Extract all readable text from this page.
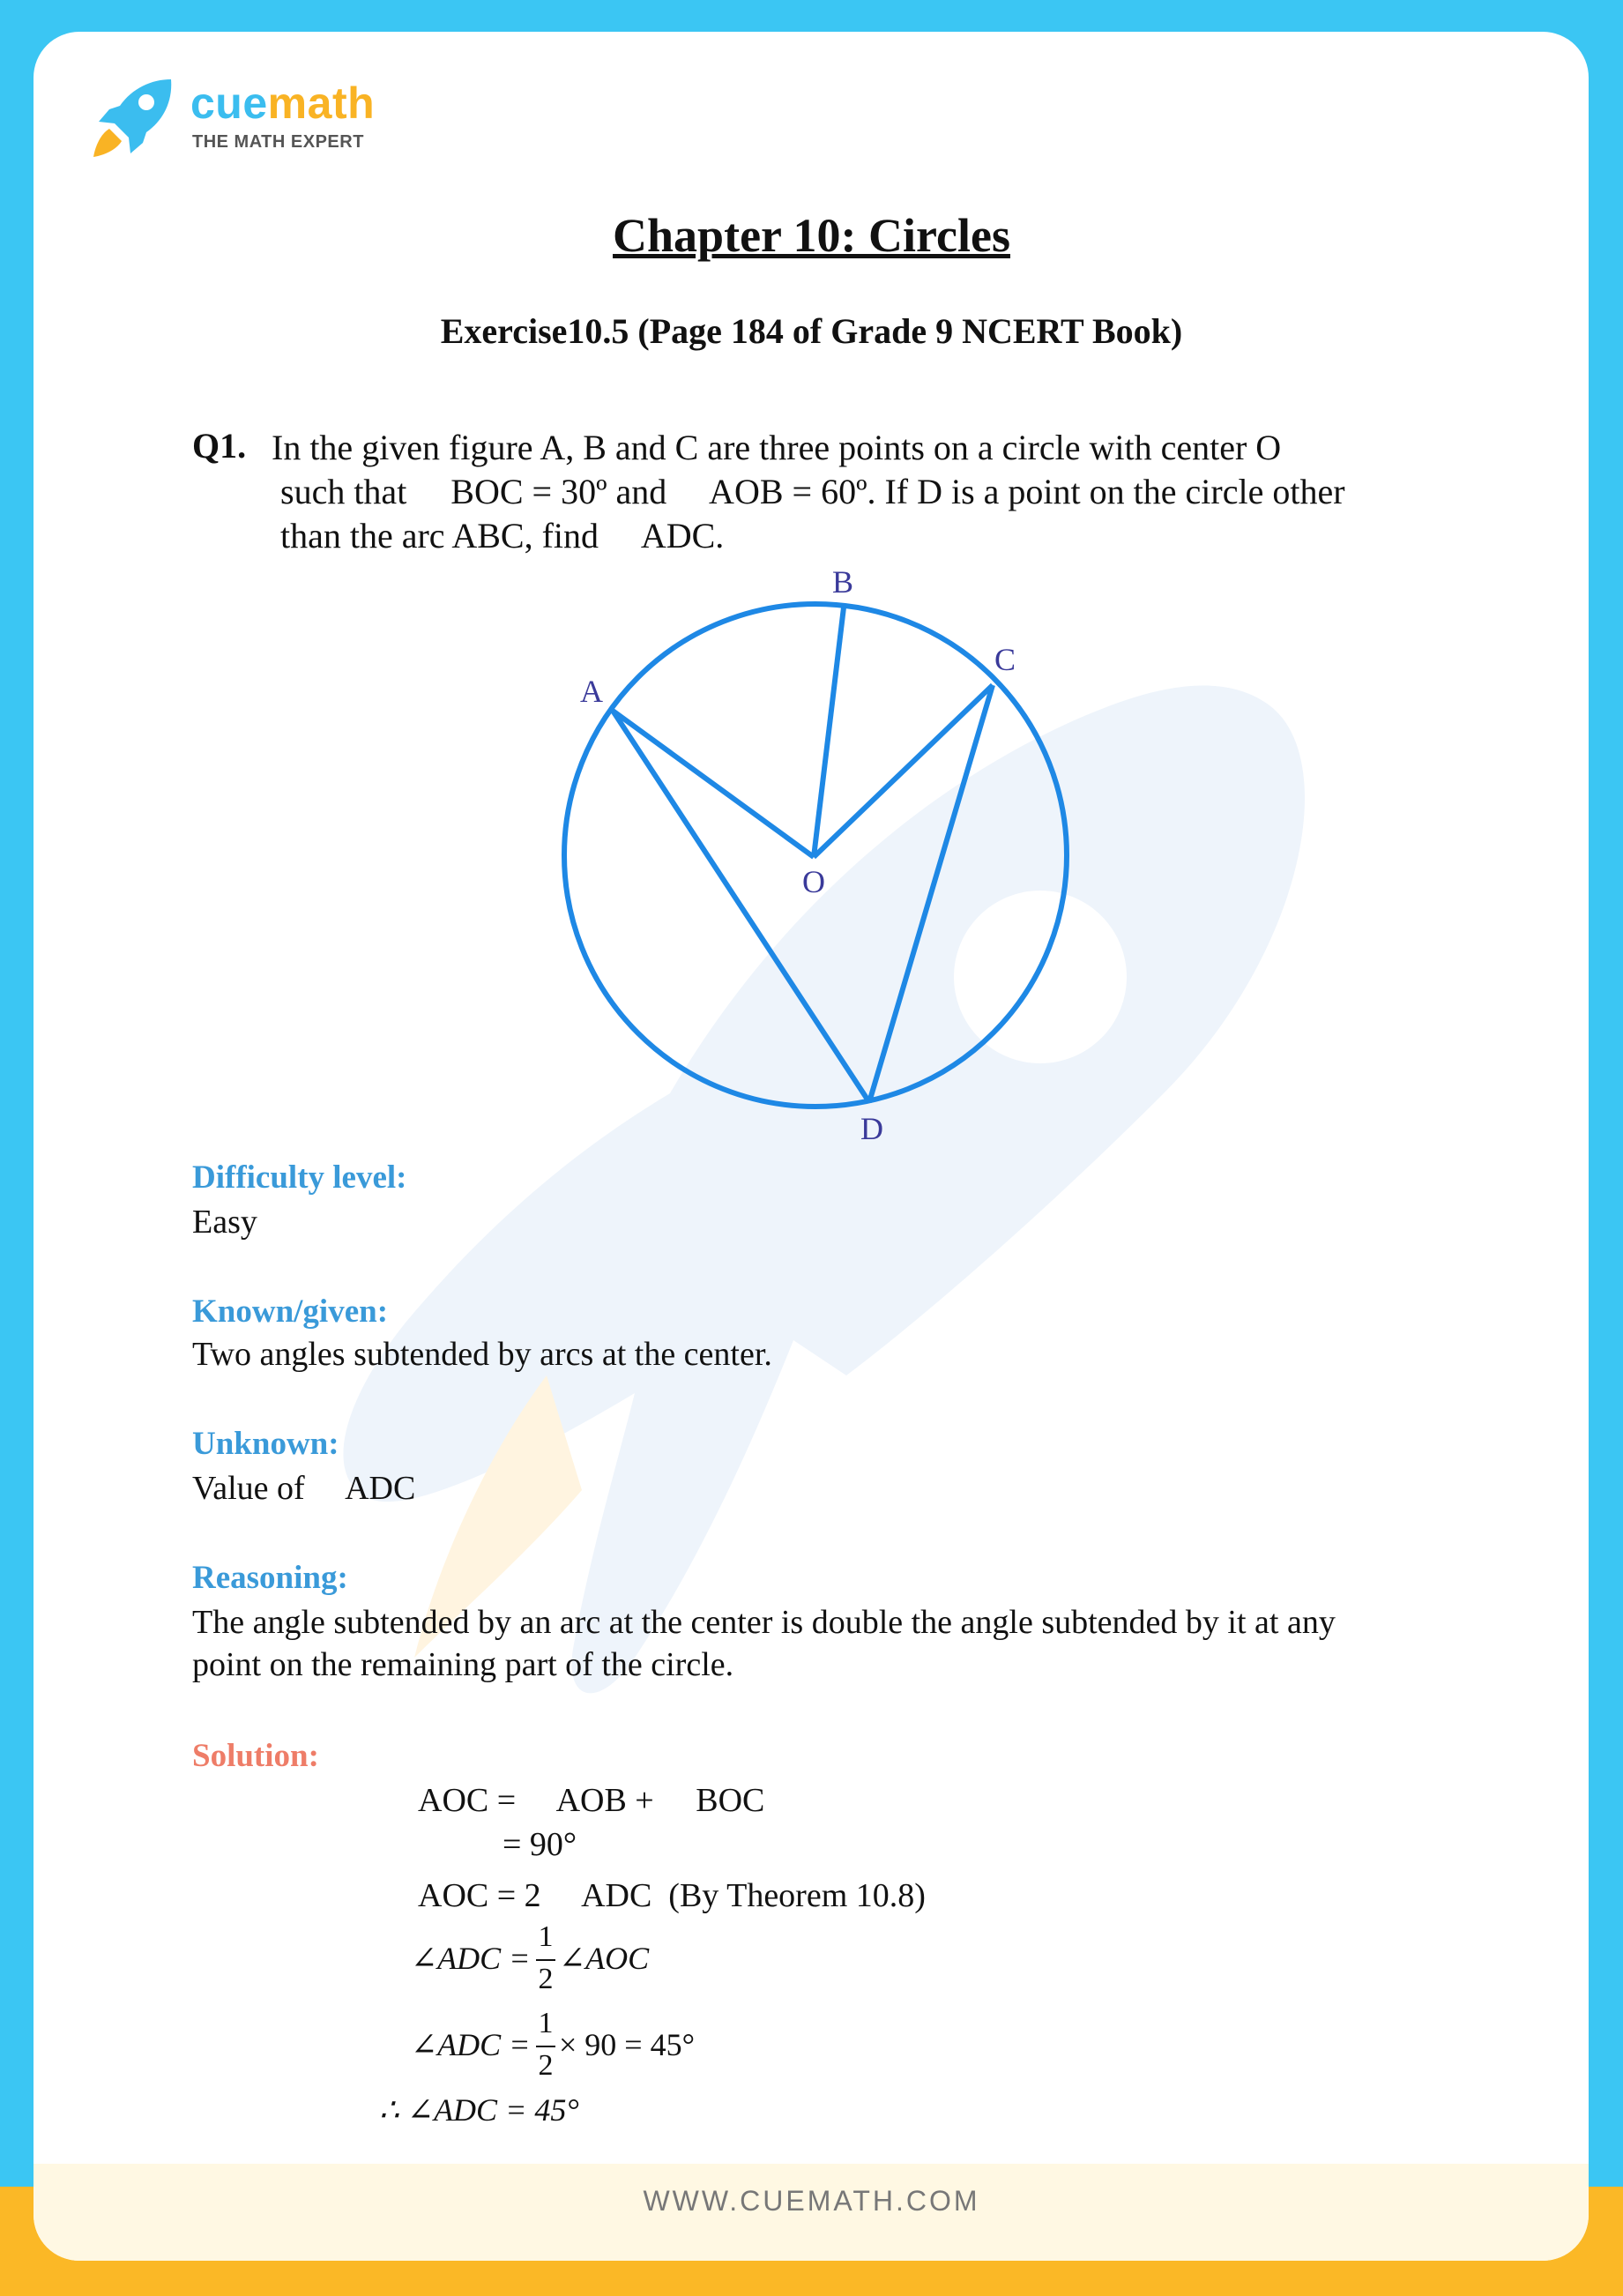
cuemath
THE MATH EXPERT
Chapter 10: Circles
Exercise10.5 (Page 184 of Grade 9 NCERT Book)
Q1. In the given figure A, B and C are three points on a circle with center O
such that     BOC = 30º and     AOB = 60º. If D is a point on the circle other
than the arc ABC, find     ADC.
A
B
C
O
D
Difficulty level:
Easy
Known/given:
Two angles subtended by arcs at the center.
Unknown:
Value of     ADC
Reasoning:
The angle subtended by an arc at the center is double the angle subtended by it at any
point on the remaining part of the circle.
Solution:
AOC =     AOB +     BOC
= 90°
AOC = 2     ADC  (By Theorem 10.8)
∠ADC =
1
2
∠AOC
∠ADC =
1
2
× 90 = 45°
∴ ∠ADC = 45°
WWW.CUEMATH.COM
